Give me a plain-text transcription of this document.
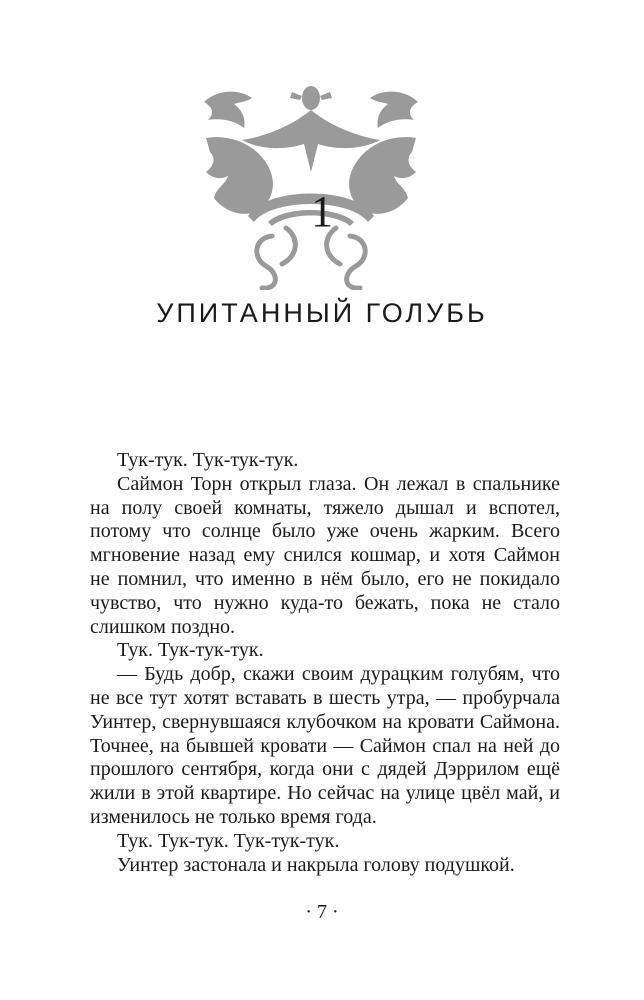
1
УПИТАННЫЙ ГОЛУБЬ

Тук-тук. Тук-тук-тук.

Саймон Торн открыл глаза. Он лежал в спальнике на полу своей комнаты, тяжело дышал и вспотел, потому что солнце было уже очень жарким. Всего мгновение назад ему снился кошмар, и хотя Саймон не помнил, что именно в нём было, его не покидало чувство, что нужно куда-то бежать, пока не стало слишком поздно.

Тук. Тук-тук-тук.

— Будь добр, скажи своим дурацким голубям, что не все тут хотят вставать в шесть утра, — пробурчала Уинтер, свернувшаяся клубочком на кровати Саймона. Точнее, на бывшей кровати — Саймон спал на ней до прошлого сентября, когда они с дядей Дэррилом ещё жили в этой квартире. Но сейчас на улице цвёл май, и изменилось не только время года.

Тук. Тук-тук. Тук-тук-тук.

Уинтер застонала и накрыла голову подушкой.

· 7 ·
